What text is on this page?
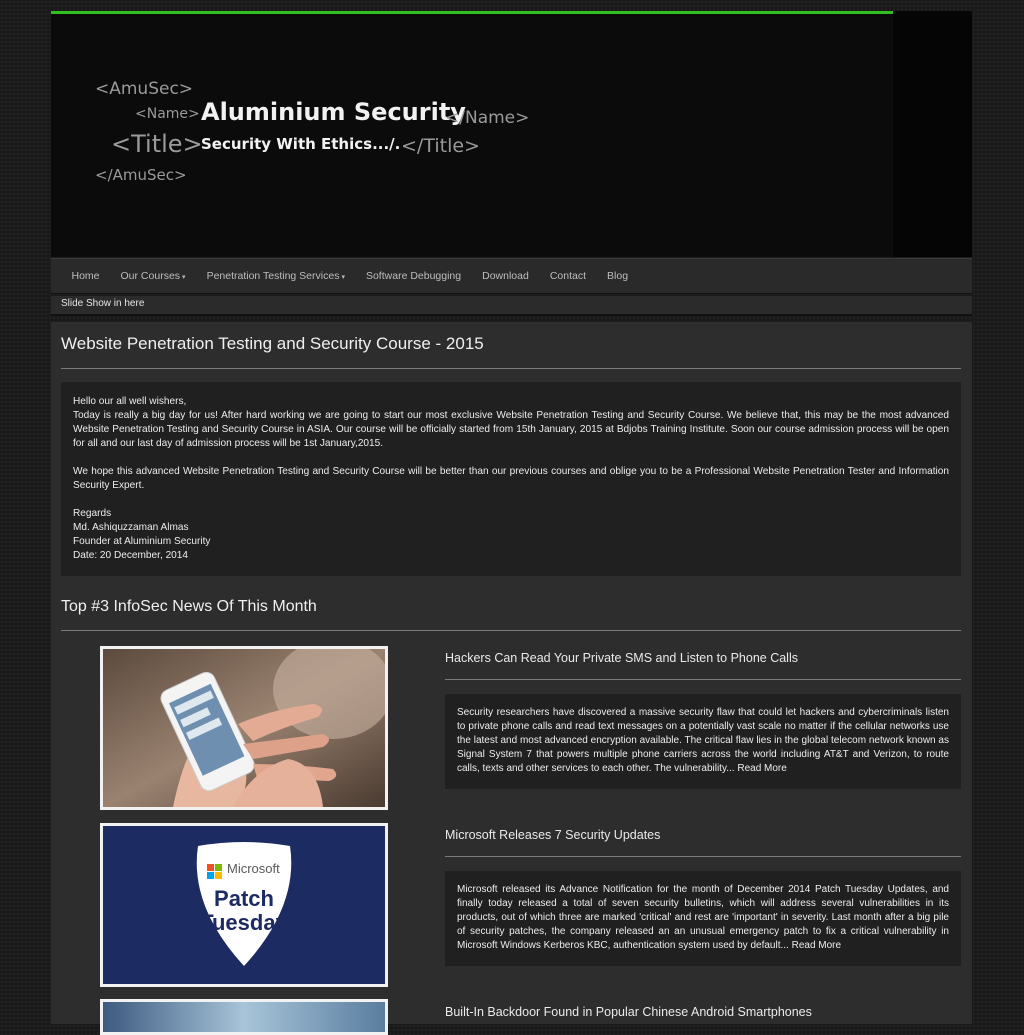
<AmuSec>
<Name> Aluminium Security
</Name>
<Title>
Security With Ethics.../. </Title>
</AmuSec>
Home	Our Courses ▾	Penetration Testing Services ▾	Software Debugging	Download	Contact	Blog
Slide Show in here
Website Penetration Testing and Security Course - 2015

Hello our all well wishers,

Today is really a big day for us! After hard working we are going to start our most exclusive Website Penetration Testing and Security Course. We believe that, this may be the most advanced Website Penetration Testing and Security Course in ASIA. Our course will be officially started from 15th January, 2015 at Bdjobs Training Institute. Soon our course admission process will be open for all and our last day of admission process will be 1st January,2015.

We hope this advanced Website Penetration Testing and Security Course will be better than our previous courses and oblige you to be a Professional Website Penetration Tester and Information Security Expert.

Regards

Md. Ashiquzzaman Almas

Founder at Aluminium Security

Date: 20 December, 2014

Top #3 InfoSec News Of This Month
Hackers Can Read Your Private SMS and Listen to Phone Calls
Security researchers have discovered a massive security flaw that could let hackers and cybercriminals listen to private phone calls and read text messages on a potentially vast scale no matter if the cellular networks use the latest and most advanced encryption available. The critical flaw lies in the global telecom network known as Signal System 7 that powers multiple phone carriers across the world including AT&T and Verizon, to route calls, texts and other services to each other. The vulnerability... Read More
Microsoft
Patch
Tuesday
Microsoft Releases 7 Security Updates
Microsoft released its Advance Notification for the month of December 2014 Patch Tuesday Updates, and finally today released a total of seven security bulletins, which will address several vulnerabilities in its products, out of which three are marked 'critical' and rest are 'important' in severity. Last month after a big pile of security patches, the company released an an unusual emergency patch to fix a critical vulnerability in Microsoft Windows Kerberos KBC, authentication system used by default... Read More
Built-In Backdoor Found in Popular Chinese Android Smartphones
